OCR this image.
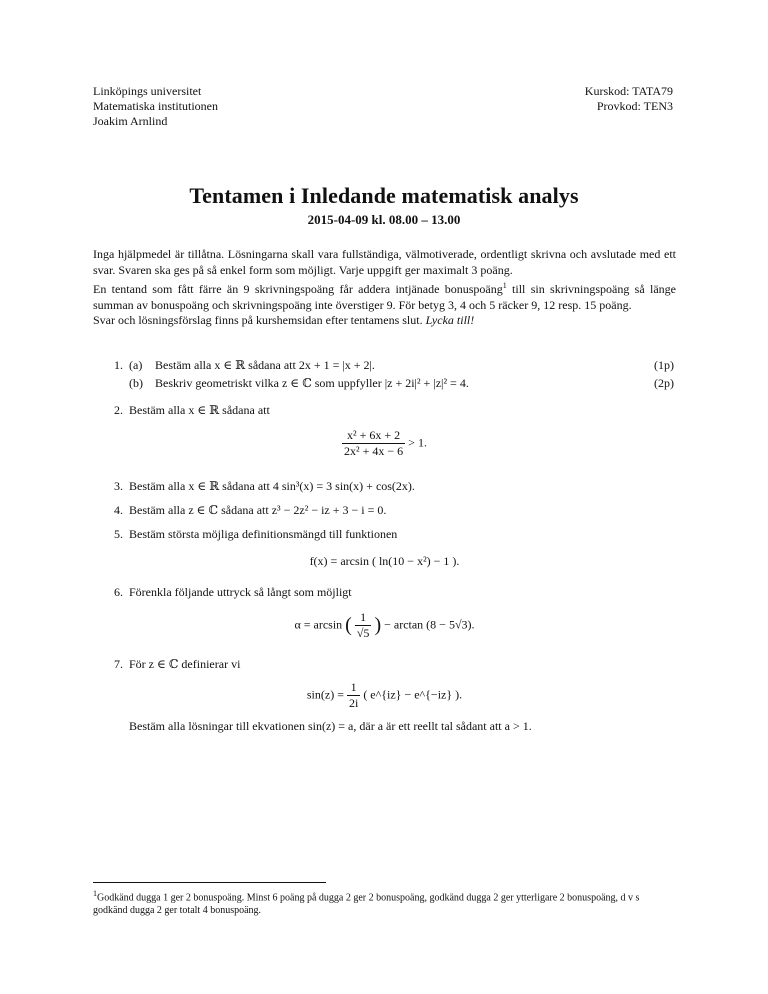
Linköpings universitet
Matematiska institutionen
Joakim Arnlind
Kurskod: TATA79
Provkod: TEN3
Tentamen i Inledande matematisk analys
2015-04-09 kl. 08.00 – 13.00

Inga hjälpmedel är tillåtna. Lösningarna skall vara fullständiga, välmotiverade, ordentligt skrivna och avslutade med ett svar. Svaren ska ges på så enkel form som möjligt. Varje uppgift ger maximalt 3 poäng.

En tentand som fått färre än 9 skrivningspoäng får addera intjänade bonuspoäng$^1$ till sin skrivningspoäng så länge summan av bonuspoäng och skrivningspoäng inte överstiger 9. För betyg 3, 4 och 5 räcker 9, 12 resp. 15 poäng.

Svar och lösningsförslag finns på kurshemsidan efter tentamens slut. Lycka till!

1. (a)	Bestäm alla x ∈ ℝ sådana att 2x + 1 = |x + 2|.	(1p)
(b)	Beskriv geometriskt vilka z ∈ ℂ som uppfyller |z + 2i|² + |z|² = 4.	(2p)
2. Bestäm alla x ∈ ℝ sådana att
$\frac{\text{x² + 6x + 2}}{\text{2x² + 4x − 6}} > 1$.
3. Bestäm alla x ∈ ℝ sådana att 4 sin³(x) = 3 sin(x) + cos(2x).
4. Bestäm alla z ∈ ℂ sådana att z³ − 2z² − iz + 3 − i = 0.
5. Bestäm största möjliga definitionsmängd till funktionen
f(x) = arcsin ( ln(10 − x²) − 1 ).
6. Förenkla följande uttryck så långt som möjligt
α = arcsin ( $\frac{1}{√5}$ ) − arctan (8 − 5√3).
7. För z ∈ ℂ definierar vi
$\sin(z) = \frac{1}{2i}$ ( e^{iz} − e^{−iz} ).
Bestäm alla lösningar till ekvationen sin(z) = a, där a är ett reellt tal sådant att a > 1.
$^1$Godkänd dugga 1 ger 2 bonuspoäng. Minst 6 poäng på dugga 2 ger 2 bonuspoäng, godkänd dugga 2 ger ytterligare 2 bonuspoäng, d v s godkänd dugga 2 ger totalt 4 bonuspoäng.
